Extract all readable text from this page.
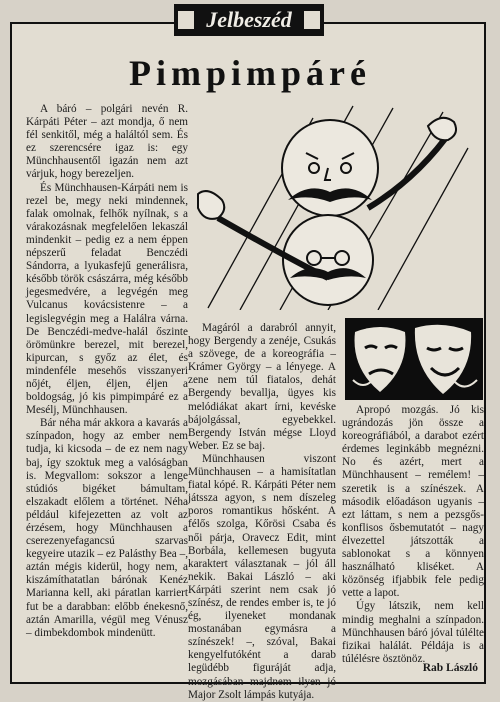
Jelbeszéd
Pimpimpáré

A báró – polgári nevén R. Kárpáti Péter – azt mondja, ő nem fél senkitől, még a haláltól sem. És ez szerencsére igaz is: egy Münchhausentől igazán nem azt várjuk, hogy berezeljen.

És Münchhausen-Kárpáti nem is rezel be, megy neki mindennek, falak omolnak, felhők nyílnak, s a várakozásnak megfelelően lekaszál mindenkit – pedig ez a nem éppen népszerű feladat Benczédi Sándorra, a lyukasfejű generálisra, később török császárra, még később jegesmedvére, a legvégén meg Vulcanus kovácsistenre – a legislegvégin meg a Halálra várna. De Benczédi-medve-halál őszinte örömünkre berezel, mit berezel, kipurcan, s győz az élet, és mindenféle mesehős visszanyeri nőjét, éljen, éljen, éljen a boldogság, jó kis pimpimpáré ez a Mesélj, Münchhausen.

Bár néha már akkora a kavarás a színpadon, hogy az ember nem tudja, ki kicsoda – de ez nem nagy baj, így szoktuk meg a valóságban is. Megvallom: sokszor a lenge stúdiós bigéket bámultam, elszakadt előlem a történet. Néha például kifejezetten az volt az érzésem, hogy Münchhausen a cserezenyefagancsú szarvas kegyeire utazik – ez Palásthy Bea –, aztán mégis kiderül, hogy nem, a kiszámíthatatlan bárónak Kenéz Marianna kell, aki páratlan karriert fut be a darabban: előbb énekesnő, aztán Amarilla, végül meg Vénusz – dimbekdombok mindenütt.

Magáról a darabról annyit, hogy Bergendy a zenéje, Csukás a szövege, de a koreográfia – Krámer György – a lényege. A zene nem túl fiatalos, dehát Bergendy bevallja, ügyes kis melódiákat akart írni, kevéske bájolgással, egyebekkel. Bergendy István mégse Lloyd Weber. Ez se baj.

Münchhausen viszont Münchhausen – a hamisítatlan fiatal kópé. R. Kárpáti Péter nem játssza agyon, s nem díszeleg poros romantikus hősként. A félős szolga, Kőrösi Csaba és női párja, Oravecz Edit, mint Borbála, kellemesen bugyuta karaktert választanak – jól áll nekik. Bakai László – aki Kárpáti szerint nem csak jó színész, de rendes ember is, te jó ég, ilyeneket mondanak mostanában egymásra a színészek! –, szóval, Bakai kengyelfutóként a darab legüdébb figuráját adja, mozgásában majdnem ilyen jó Major Zsolt lámpás kutyája.

Apropó mozgás. Jó kis ugrándozás jön össze a koreográfiából, a darabot ezért érdemes leginkább megnézni. No és azért, mert a Münchhausent – remélem! – szeretik is a színészek. A második előadáson ugyanis – ezt láttam, s nem a pezsgős-konflisos ősbemutatót – nagy élvezettel játszották a sablonokat s a könnyen használható kliséket. A közönség ifjabbik fele pedig vette a lapot.

Úgy látszik, nem kell mindig meghalni a színpadon. Münchhausen báró jóval túlélte fizikai halálát. Példája is a túlélésre ösztönöz.

Rab László
